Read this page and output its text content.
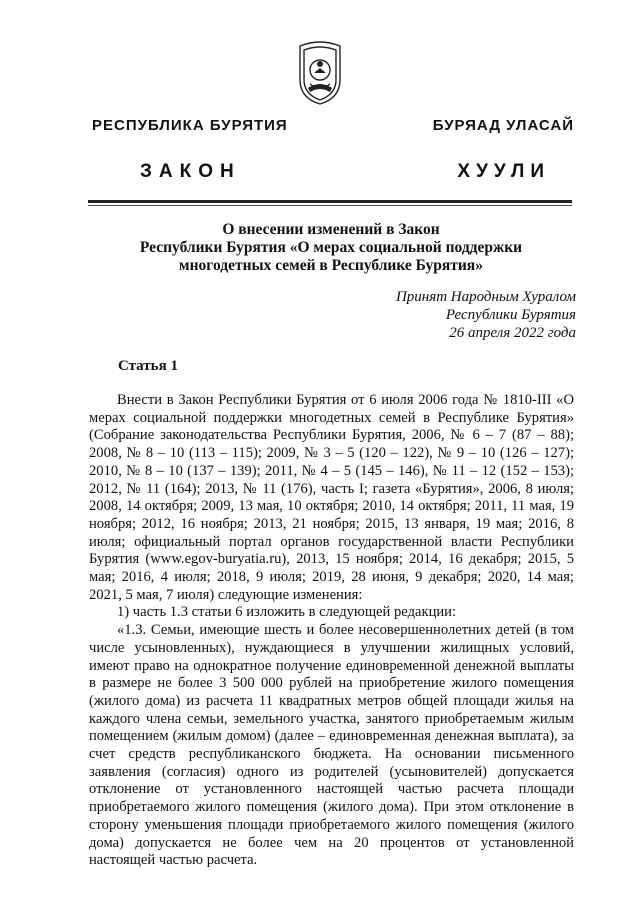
РЕСПУБЛИКА БУРЯТИЯ	БУРЯАД УЛАСАЙ
ЗАКОН	ХУУЛИ
О внесении изменений в Закон
Республики Бурятия «О мерах социальной поддержки
многодетных семей в Республике Бурятия»
Принят Народным Хуралом
Республики Бурятия
26 апреля 2022 года
Статья 1

Внести в Закон Республики Бурятия от 6 июля 2006 года № 1810-III «О мерах социальной поддержки многодетных семей в Республике Бурятия» (Собрание законодательства Республики Бурятия, 2006, № 6 – 7 (87 – 88); 2008, № 8 – 10 (113 – 115); 2009, № 3 – 5 (120 – 122), № 9 – 10 (126 – 127); 2010, № 8 – 10 (137 – 139); 2011, № 4 – 5 (145 – 146), № 11 – 12 (152 – 153); 2012, № 11 (164); 2013, № 11 (176), часть I; газета «Бурятия», 2006, 8 июля; 2008, 14 октября; 2009, 13 мая, 10 октября; 2010, 14 октября; 2011, 11 мая, 19 ноября; 2012, 16 ноября; 2013, 21 ноября; 2015, 13 января, 19 мая; 2016, 8 июля; официальный портал органов государственной власти Республики Бурятия (www.egov-buryatia.ru), 2013, 15 ноября; 2014, 16 декабря; 2015, 5 мая; 2016, 4 июля; 2018, 9 июля; 2019, 28 июня, 9 декабря; 2020, 14 мая; 2021, 5 мая, 7 июля) следующие изменения:

1) часть 1.3 статьи 6 изложить в следующей редакции:

«1.3. Семьи, имеющие шесть и более несовершеннолетних детей (в том числе усыновленных), нуждающиеся в улучшении жилищных условий, имеют право на однократное получение единовременной денежной выплаты в размере не более 3 500 000 рублей на приобретение жилого помещения (жилого дома) из расчета 11 квадратных метров общей площади жилья на каждого члена семьи, земельного участка, занятого приобретаемым жилым помещением (жилым домом) (далее – единовременная денежная выплата), за счет средств республиканского бюджета. На основании письменного заявления (согласия) одного из родителей (усыновителей) допускается отклонение от установленного настоящей частью расчета площади приобретаемого жилого помещения (жилого дома). При этом отклонение в сторону уменьшения площади приобретаемого жилого помещения (жилого дома) допускается не более чем на 20 процентов от установленной настоящей частью расчета.
